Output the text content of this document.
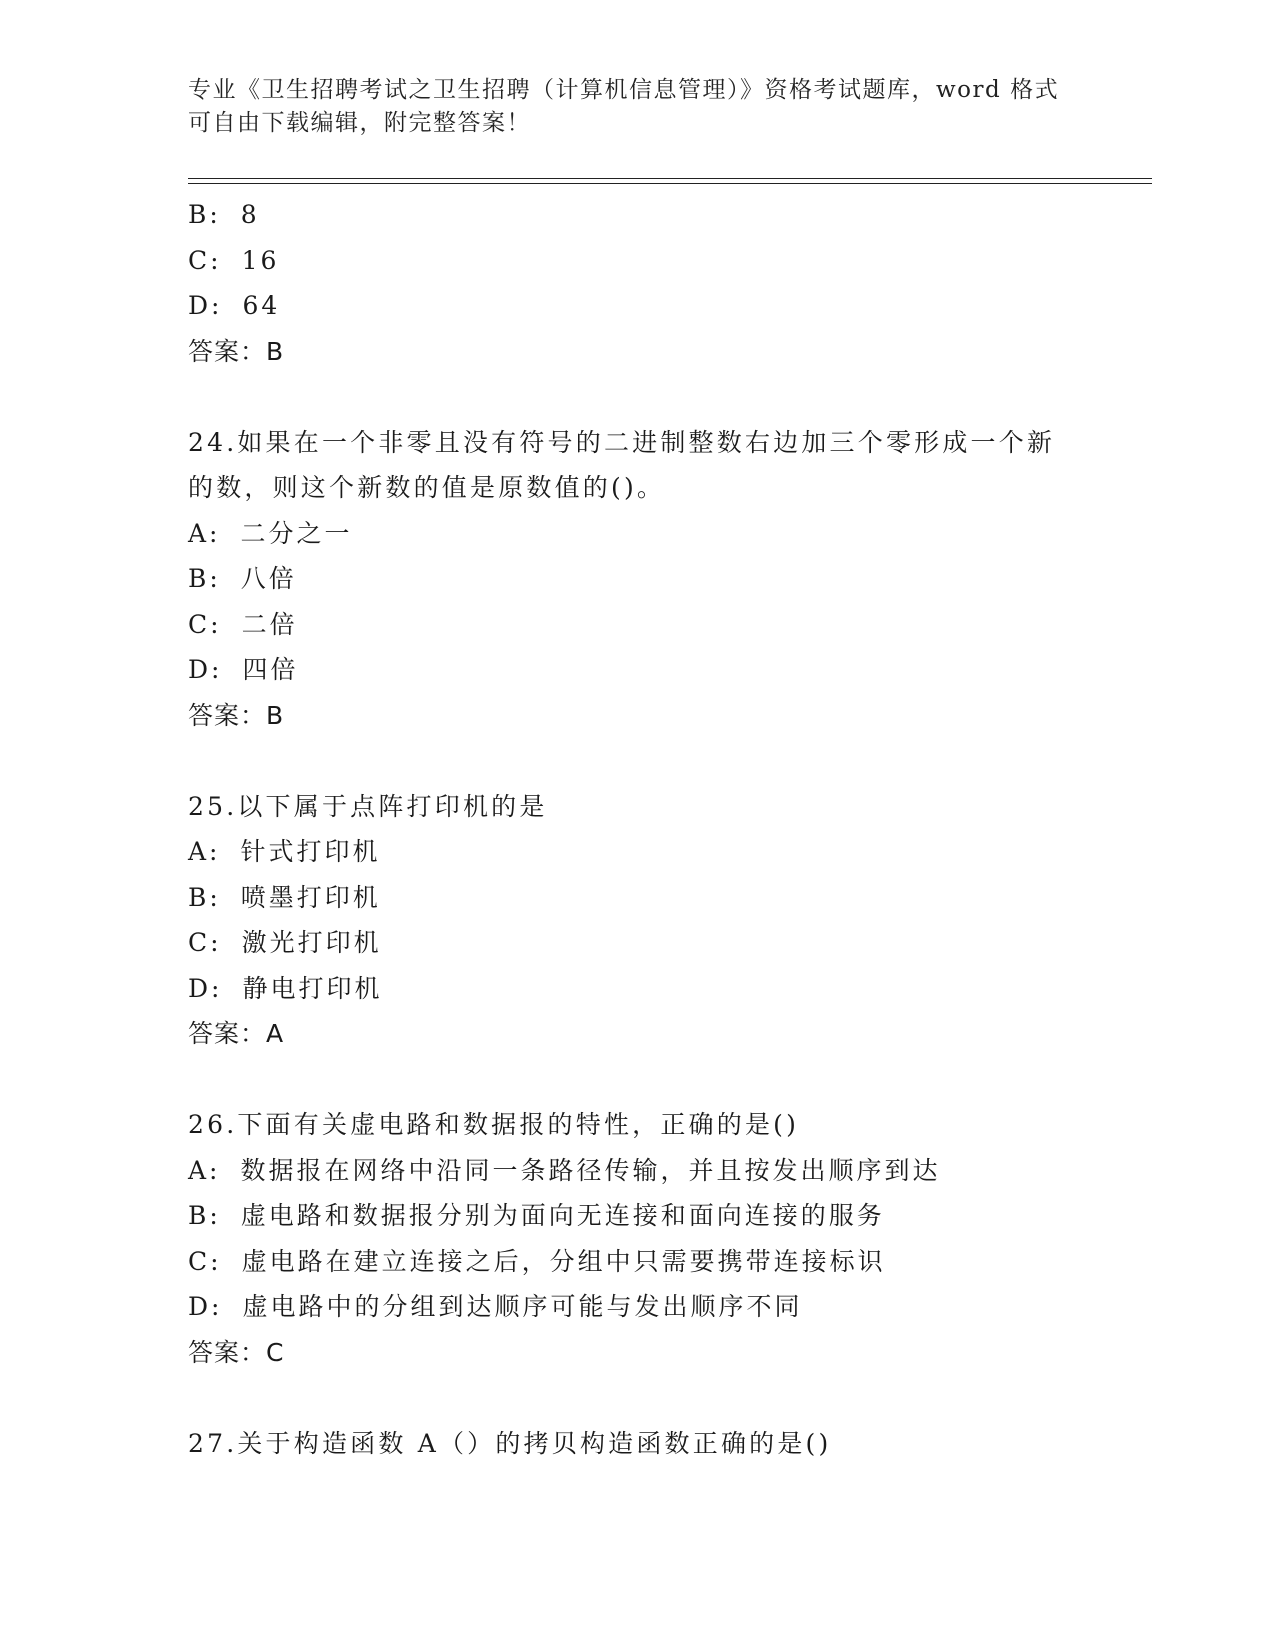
专业《卫生招聘考试之卫生招聘（计算机信息管理）》资格考试题库，word 格式
可自由下载编辑，附完整答案！
B: 8
C: 16
D: 64
答案：B
24.如果在一个非零且没有符号的二进制整数右边加三个零形成一个新
的数，则这个新数的值是原数值的()。
A: 二分之一
B: 八倍
C: 二倍
D: 四倍
答案：B
25.以下属于点阵打印机的是
A: 针式打印机
B: 喷墨打印机
C: 激光打印机
D: 静电打印机
答案：A
26.下面有关虚电路和数据报的特性，正确的是()
A: 数据报在网络中沿同一条路径传输，并且按发出顺序到达
B: 虚电路和数据报分别为面向无连接和面向连接的服务
C: 虚电路在建立连接之后，分组中只需要携带连接标识
D: 虚电路中的分组到达顺序可能与发出顺序不同
答案：C
27.关于构造函数 A（）的拷贝构造函数正确的是()
